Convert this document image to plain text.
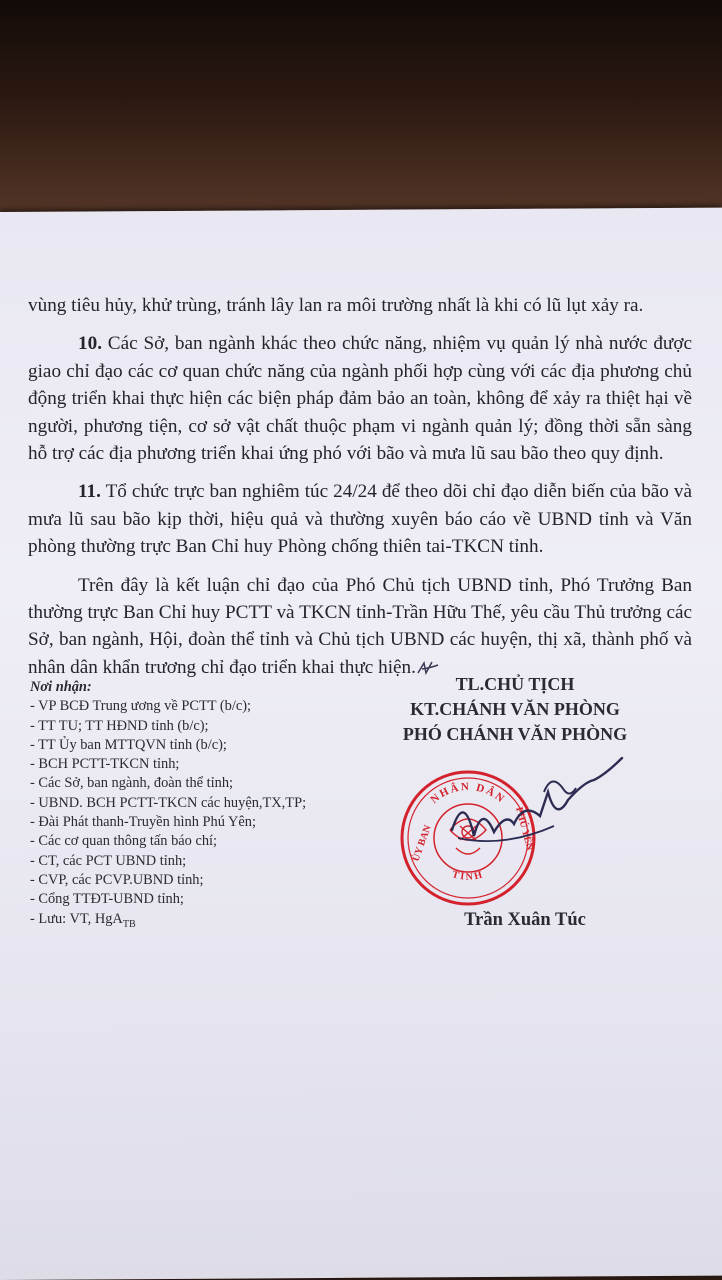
vùng tiêu hủy, khử trùng, tránh lây lan ra môi trường nhất là khi có lũ lụt xảy ra.

10. Các Sở, ban ngành khác theo chức năng, nhiệm vụ quản lý nhà nước được giao chỉ đạo các cơ quan chức năng của ngành phối hợp cùng với các địa phương chủ động triển khai thực hiện các biện pháp đảm bảo an toàn, không để xảy ra thiệt hại về người, phương tiện, cơ sở vật chất thuộc phạm vi ngành quản lý; đồng thời sẵn sàng hỗ trợ các địa phương triển khai ứng phó với bão và mưa lũ sau bão theo quy định.

11. Tổ chức trực ban nghiêm túc 24/24 để theo dõi chỉ đạo diễn biến của bão và mưa lũ sau bão kịp thời, hiệu quả và thường xuyên báo cáo về UBND tỉnh và Văn phòng thường trực Ban Chỉ huy Phòng chống thiên tai-TKCN tỉnh.

Trên đây là kết luận chỉ đạo của Phó Chủ tịch UBND tỉnh, Phó Trưởng Ban thường trực Ban Chỉ huy PCTT và TKCN tỉnh-Trần Hữu Thế, yêu cầu Thủ trưởng các Sở, ban ngành, Hội, đoàn thể tỉnh và Chủ tịch UBND các huyện, thị xã, thành phố và nhân dân khẩn trương chỉ đạo triển khai thực hiện.

Nơi nhận:
- VP BCĐ Trung ương về PCTT (b/c);
- TT TU; TT HĐND tỉnh (b/c);
- TT Ủy ban MTTQVN tỉnh (b/c);
- BCH PCTT-TKCN tỉnh;
- Các Sở, ban ngành, đoàn thể tỉnh;
- UBND. BCH PCTT-TKCN các huyện,TX,TP;
- Đài Phát thanh-Truyền hình Phú Yên;
- Các cơ quan thông tấn báo chí;
- CT, các PCT UBND tỉnh;
- CVP, các PCVP.UBND tỉnh;
- Cổng TTĐT-UBND tỉnh;
- Lưu: VT, HgA$_{TB}$
TL.CHỦ TỊCH
KT.CHÁNH VĂN PHÒNG
PHÓ CHÁNH VĂN PHÒNG
NHÂN DÂN
ỦY BAN	PHÚ YÊN
TỈNH
Trần Xuân Túc
